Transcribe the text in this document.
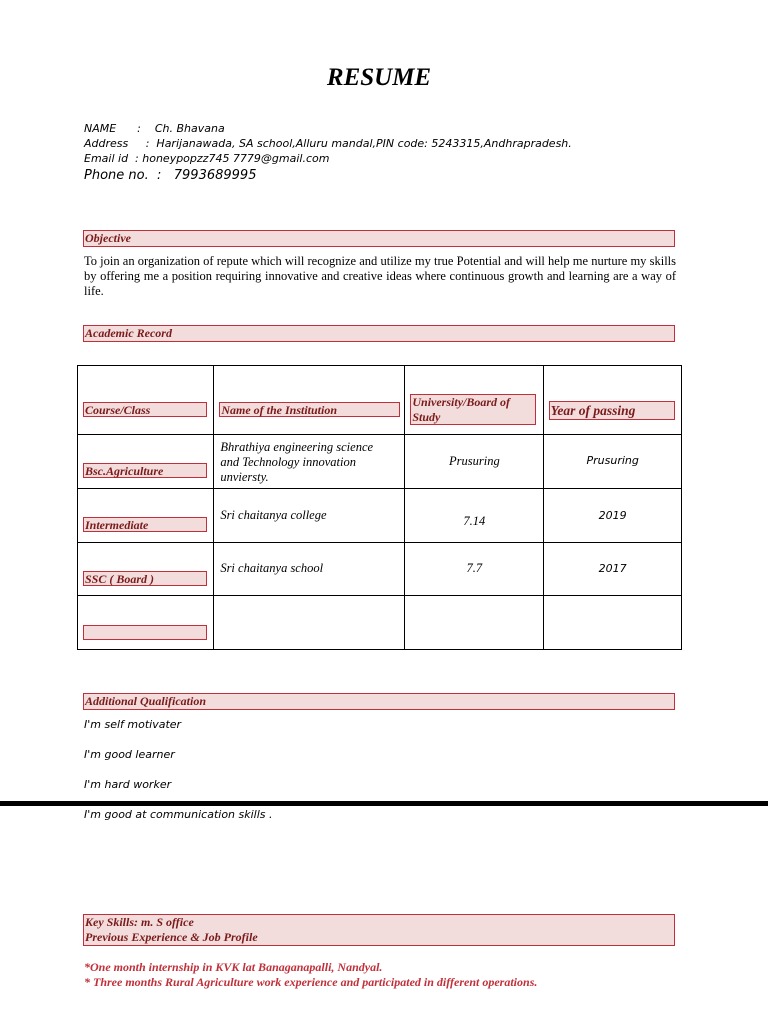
RESUME
NAME      :    Ch. Bhavana
Address     :  Harijanawada, SA school,Alluru mandal,PIN code: 5243315,Andhrapradesh.
Email id  : honeypopzz745 7779@gmail.com
Phone no.  :   7993689995
Objective
To join an organization of repute which will recognize and utilize my true Potential and will help me nurture my skills by offering me a position requiring innovative and creative ideas where continuous growth and learning are a way of life.
Academic Record
Course/Class	Name of the Institution	University/Board of Study	Year of passing

Bsc.Agriculture	Bhrathiya engineering science and Technology innovation unviersty.	Prusuring	Prusuring

Intermediate	Sri chaitanya college	7.14	2019

SSC ( Board )	Sri chaitanya school	7.7	2017

Additional Qualification
I'm self motivater
I'm good learner
I'm hard worker
I'm good at communication skills .
Key Skills: m. S office
Previous Experience & Job Profile
*One month internship in KVK lat Banaganapalli, Nandyal.
* Three months Rural Agriculture work experience and participated in different operations.
